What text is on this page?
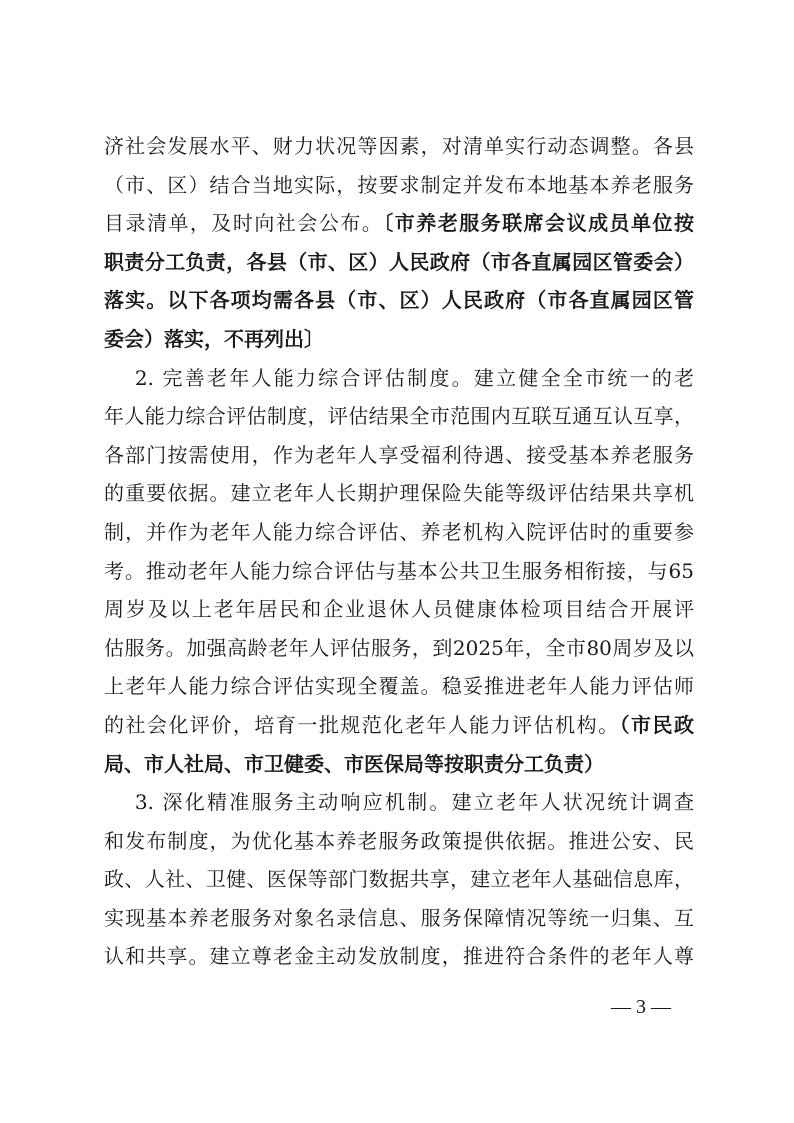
济社会发展水平、财力状况等因素，对清单实行动态调整。各县
（市、区）结合当地实际，按要求制定并发布本地基本养老服务
目录清单，及时向社会公布。〔市养老服务联席会议成员单位按
职责分工负责，各县（市、区）人民政府（市各直属园区管委会）
落实。以下各项均需各县（市、区）人民政府（市各直属园区管
委会）落实，不再列出〕
　 2. 完善老年人能力综合评估制度。建立健全全市统一的老
年人能力综合评估制度，评估结果全市范围内互联互通互认互享，
各部门按需使用，作为老年人享受福利待遇、接受基本养老服务
的重要依据。建立老年人长期护理保险失能等级评估结果共享机
制，并作为老年人能力综合评估、养老机构入院评估时的重要参
考。推动老年人能力综合评估与基本公共卫生服务相衔接，与65
周岁及以上老年居民和企业退休人员健康体检项目结合开展评
估服务。加强高龄老年人评估服务，到2025年，全市80周岁及以
上老年人能力综合评估实现全覆盖。稳妥推进老年人能力评估师
的社会化评价，培育一批规范化老年人能力评估机构。（市民政
局、市人社局、市卫健委、市医保局等按职责分工负责）
　 3. 深化精准服务主动响应机制。建立老年人状况统计调查
和发布制度，为优化基本养老服务政策提供依据。推进公安、民
政、人社、卫健、医保等部门数据共享，建立老年人基础信息库，
实现基本养老服务对象名录信息、服务保障情况等统一归集、互
认和共享。建立尊老金主动发放制度，推进符合条件的老年人尊
— 3 —
